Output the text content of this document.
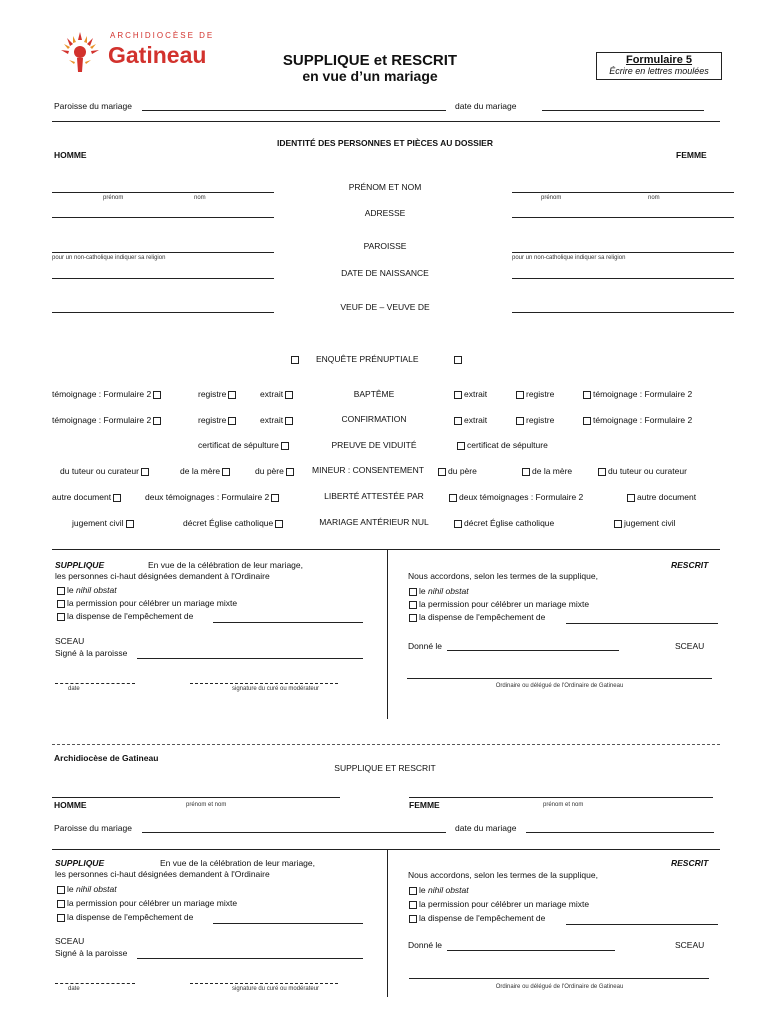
ARCHIDIOCÈSE DE
Gatineau	SUPPLIQUE et RESCRIT
en vue d’un mariage
Formulaire 5
Écrire en lettres moulées
Paroisse du mariage	date du mariage
IDENTITÉ DES PERSONNES ET PIÈCES AU DOSSIER
HOMME	FEMME
PRÉNOM ET NOM
prénom	nom	prénom	nom
ADRESSE
PAROISSE
pour un non-catholique indiquer sa religion	pour un non-catholique indiquer sa religion
DATE DE NAISSANCE
VEUF DE – VEUVE DE
ENQUÊTE PRÉNUPTIALE
témoignage : Formulaire 2	registre	extrait	BAPTÊME	extrait	registre	témoignage : Formulaire 2
témoignage : Formulaire 2	registre	extrait	CONFIRMATION	extrait	registre	témoignage : Formulaire 2
certificat de sépulture	PREUVE DE VIDUITÉ	certificat de sépulture
du tuteur ou curateur	de la mère	du père	MINEUR : CONSENTEMENT	du père	de la mère	du tuteur ou curateur
autre document	deux témoignages : Formulaire 2	LIBERTÉ ATTESTÉE PAR	deux témoignages : Formulaire 2	autre document
jugement civil	décret Église catholique	MARIAGE ANTÉRIEUR NUL	décret Église catholique	jugement civil
SUPPLIQUE	En vue de la célébration de leur mariage,
les personnes ci-haut désignées demandent à l'Ordinaire
le nihil obstat
la permission pour célébrer un mariage mixte
la dispense de l'empêchement de
SCEAU
Signé à la paroisse
date	signature du curé ou modérateur
RESCRIT
Nous accordons, selon les termes de la supplique,
le nihil obstat
la permission pour célébrer un mariage mixte
la dispense de l'empêchement de
Donné le	SCEAU
Ordinaire ou délégué de l'Ordinaire de Gatineau
Archidiocèse de Gatineau
SUPPLIQUE ET RESCRIT
HOMME	prénom et nom	FEMME	prénom et nom
Paroisse du mariage	date du mariage
SUPPLIQUE	En vue de la célébration de leur mariage,
les personnes ci-haut désignées demandent à l'Ordinaire
le nihil obstat
la permission pour célébrer un mariage mixte
la dispense de l'empêchement de
SCEAU
Signé à la paroisse
date	signature du curé ou modérateur
RESCRIT
Nous accordons, selon les termes de la supplique,
le nihil obstat
la permission pour célébrer un mariage mixte
la dispense de l'empêchement de
Donné le	SCEAU
Ordinaire ou délégué de l'Ordinaire de Gatineau
